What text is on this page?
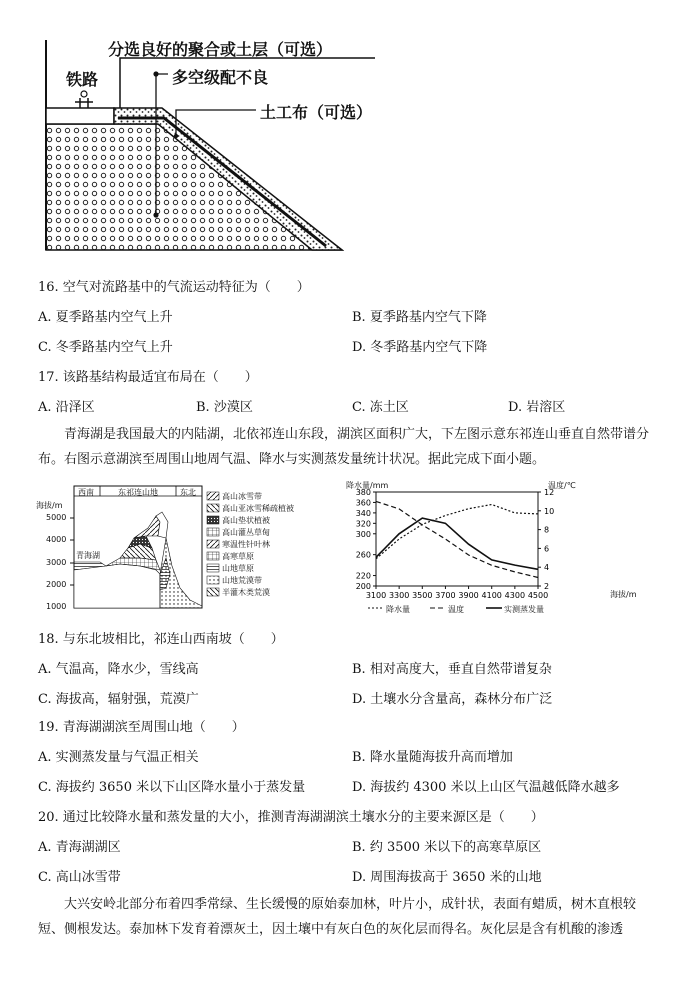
分选良好的聚合或土层（可选）
铁路	多空级配不良
土工布（可选）
16. 空气对流路基中的气流运动特征为（　　）
A. 夏季路基内空气上升	B. 夏季路基内空气下降
C. 冬季路基内空气上升	D. 冬季路基内空气下降
17. 该路基结构最适宜布局在（　　）
A. 沿泽区	B. 沙漠区	C. 冻土区	D. 岩溶区
青海湖是我国最大的内陆湖，北依祁连山东段，湖滨区面积广大，下左图示意东祁连山垂直自然带谱分布。右图示意湖滨至周围山地周气温、降水与实测蒸发量统计状况。据此完成下面小题。
西南	东祁连山地	东北
海拔/m
5000
4000
3000
2000
1000
青海湖
高山冰雪带
高山亚冰雪稀疏植被
高山垫状植被
高山灌丛草甸
寒温性针叶林
高寒草原
山地草原
山地荒漠带
半灌木类荒漠
200
220
260
300
320
340
360
380
2
4
6
8
10
12
3100 3300 3500 3700 3900 4100 4300 4500
降水量/mm	温度/℃
海拔/m
降水量	温度	实测蒸发量
18. 与东北坡相比，祁连山西南坡（　　）
A. 气温高，降水少，雪线高	B. 相对高度大，垂直自然带谱复杂
C. 海拔高，辐射强，荒漠广	D. 土壤水分含量高，森林分布广泛
19. 青海湖湖滨至周围山地（　　）
A. 实测蒸发量与气温正相关	B. 降水量随海拔升高而增加
C. 海拔约 3650 米以下山区降水量小于蒸发量	D. 海拔约 4300 米以上山区气温越低降水越多
20. 通过比较降水量和蒸发量的大小，推测青海湖湖滨土壤水分的主要来源区是（　　）
A. 青海湖湖区	B. 约 3500 米以下的高寒草原区
C. 高山冰雪带	D. 周围海拔高于 3650 米的山地
大兴安岭北部分布着四季常绿、生长缓慢的原始泰加林，叶片小，成针状，表面有蜡质，树木直根较短、侧根发达。泰加林下发育着漂灰土，因土壤中有灰白色的灰化层而得名。灰化层是含有机酸的渗透
